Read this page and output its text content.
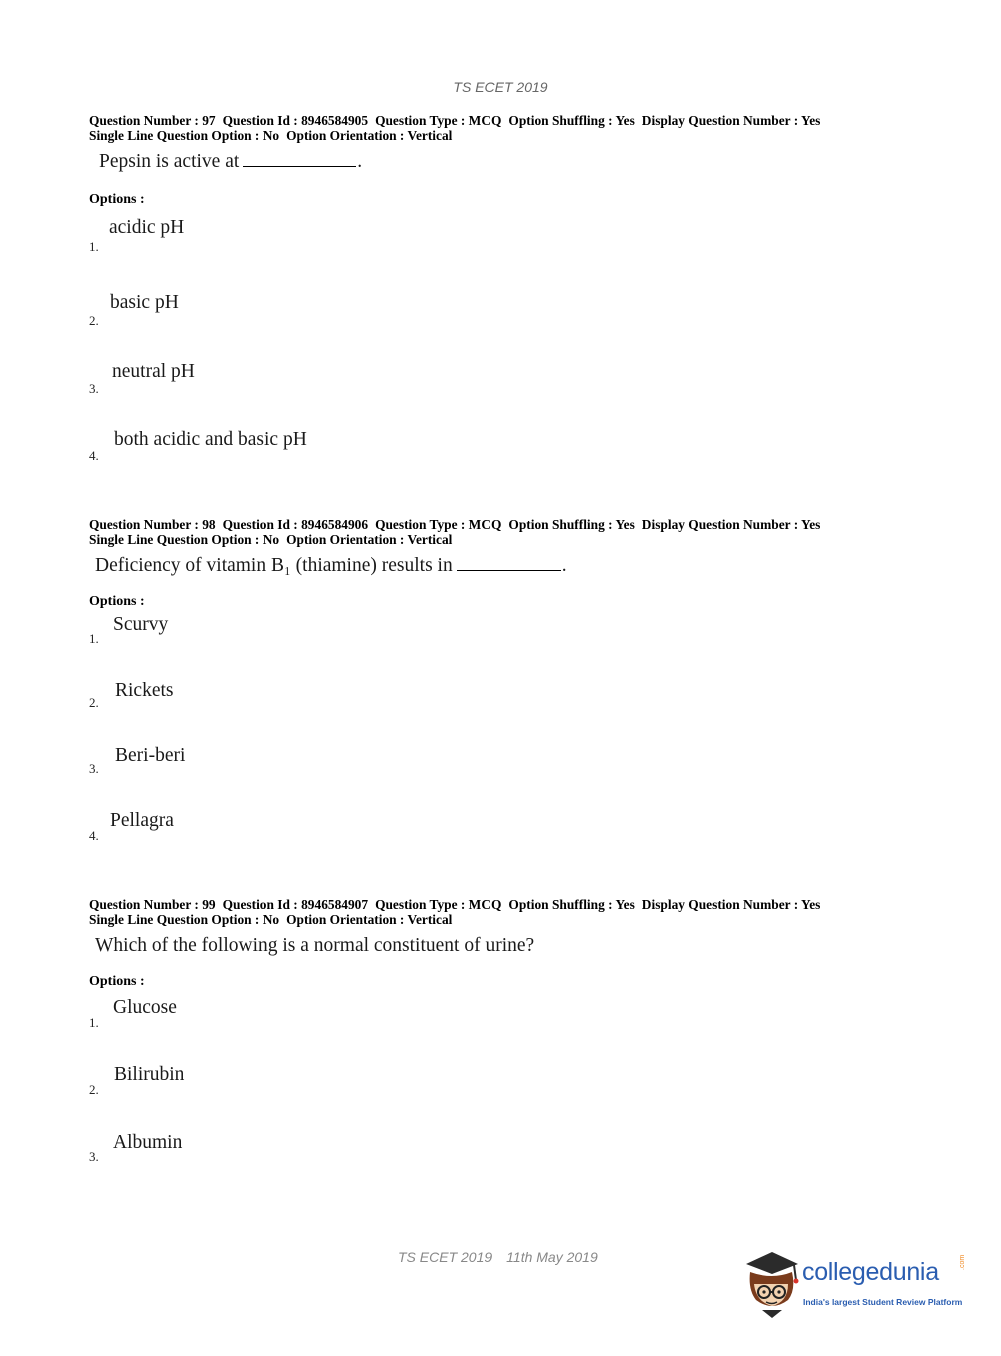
TS ECET 2019
Question Number : 97 Question Id : 8946584905 Question Type : MCQ Option Shuffling : Yes Display Question Number : Yes
Single Line Question Option : No Option Orientation : Vertical
Pepsin is active at	.
Options :
1.
acidic pH
2.
basic pH
3.
neutral pH
4.
both acidic and basic pH
Question Number : 98 Question Id : 8946584906 Question Type : MCQ Option Shuffling : Yes Display Question Number : Yes
Single Line Question Option : No Option Orientation : Vertical
Deficiency of vitamin B₁ (thiamine) results in	.
Options :
1.
Scurvy
2.
Rickets
3.
Beri-beri
4.
Pellagra
Question Number : 99 Question Id : 8946584907 Question Type : MCQ Option Shuffling : Yes Display Question Number : Yes
Single Line Question Option : No Option Orientation : Vertical
Which of the following is a normal constituent of urine?
Options :
1.
Glucose
2.
Bilirubin
3.
Albumin
TS ECET 2019 11th May 2019
collegedunia	.com
India's largest Student Review Platform
